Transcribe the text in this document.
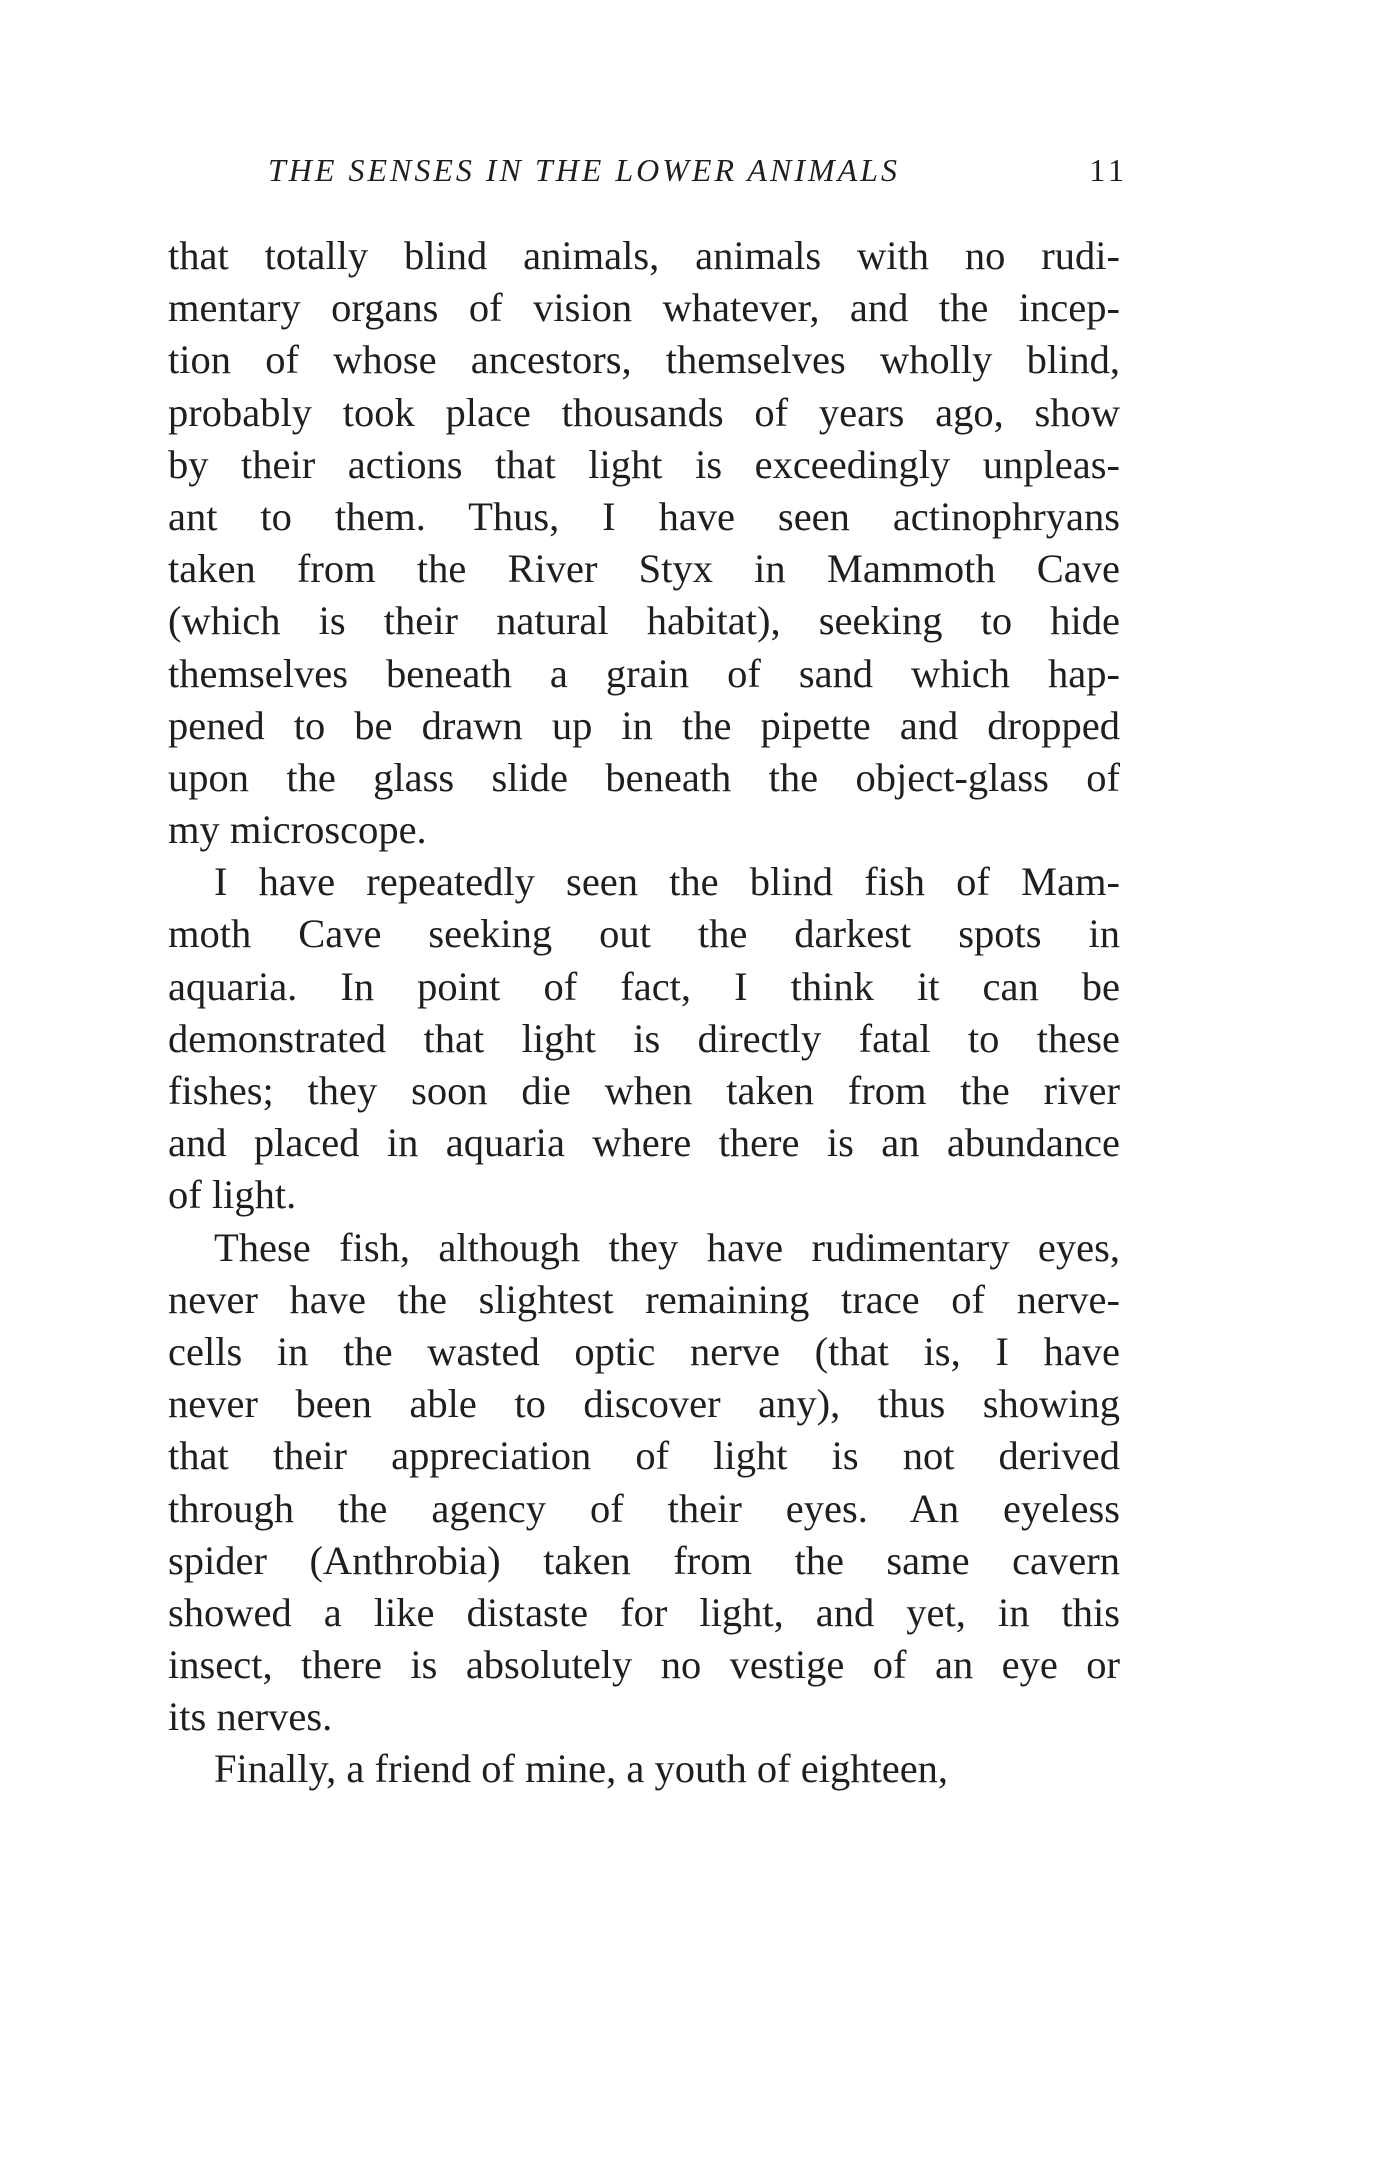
THE SENSES IN THE LOWER ANIMALS	11
that totally blind animals, animals with no rudi-
mentary organs of vision whatever, and the incep-
tion of whose ancestors, themselves wholly blind,
probably took place thousands of years ago, show
by their actions that light is exceedingly unpleas-
ant to them. Thus, I have seen actinophryans
taken from the River Styx in Mammoth Cave
(which is their natural habitat), seeking to hide
themselves beneath a grain of sand which hap-
pened to be drawn up in the pipette and dropped
upon the glass slide beneath the object-glass of
my microscope.
I have repeatedly seen the blind fish of Mam-
moth Cave seeking out the darkest spots in
aquaria. In point of fact, I think it can be
demonstrated that light is directly fatal to these
fishes; they soon die when taken from the river
and placed in aquaria where there is an abundance
of light.
These fish, although they have rudimentary eyes,
never have the slightest remaining trace of nerve-
cells in the wasted optic nerve (that is, I have
never been able to discover any), thus showing
that their appreciation of light is not derived
through the agency of their eyes. An eyeless
spider (Anthrobia) taken from the same cavern
showed a like distaste for light, and yet, in this
insect, there is absolutely no vestige of an eye or
its nerves.
Finally, a friend of mine, a youth of eighteen,
